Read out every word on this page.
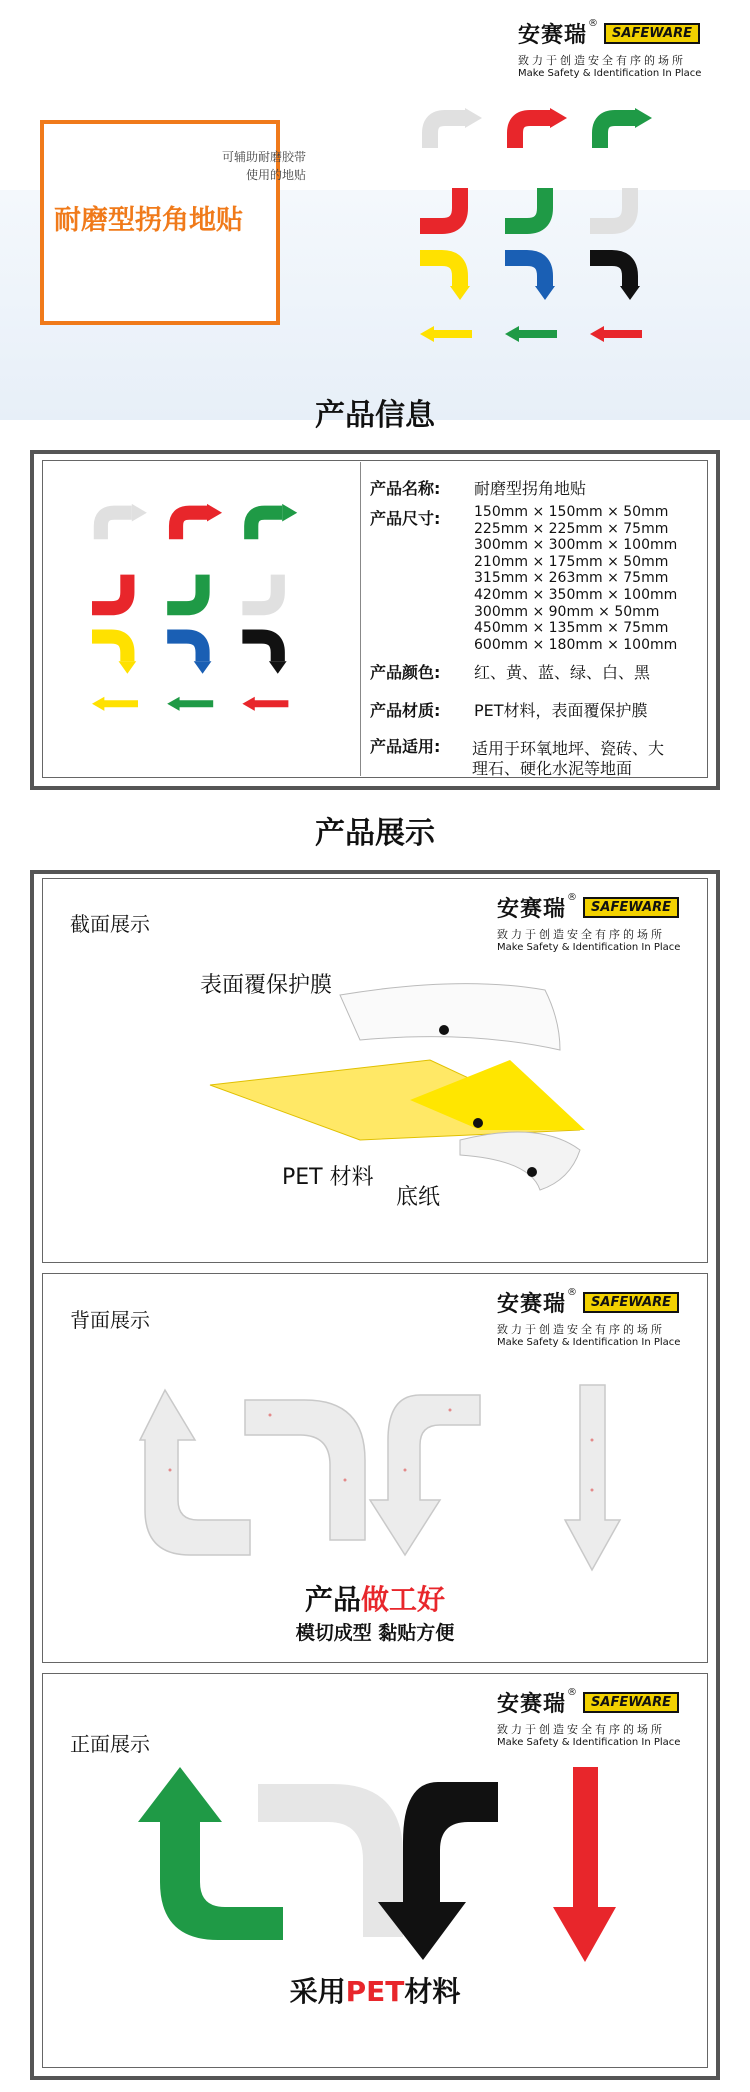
安赛瑞 ®
SAFEWARE
致力于创造安全有序的场所
Make Safety & Identification In Place
可辅助耐磨胶带
使用的地贴
耐磨型拐角地贴
产品信息
产品名称: 耐磨型拐角地贴
产品尺寸: 150mm × 150mm × 50mm
225mm × 225mm × 75mm
300mm × 300mm × 100mm
210mm × 175mm × 50mm
315mm × 263mm × 75mm
420mm × 350mm × 100mm
300mm × 90mm × 50mm
450mm × 135mm × 75mm
600mm × 180mm × 100mm
产品颜色: 红、黄、蓝、绿、白、黑
产品材质: PET材料，表面覆保护膜
产品适用: 适用于环氧地坪、瓷砖、大
理石、硬化水泥等地面
产品展示
截面展示
安赛瑞 ®
SAFEWARE
致力于创造安全有序的场所
Make Safety & Identification In Place
表面覆保护膜
PET 材料
底纸
背面展示
安赛瑞 ®
SAFEWARE
致力于创造安全有序的场所
Make Safety & Identification In Place
产品做工好
模切成型 黏贴方便
正面展示
安赛瑞 ®
SAFEWARE
致力于创造安全有序的场所
Make Safety & Identification In Place
采用PET材料
